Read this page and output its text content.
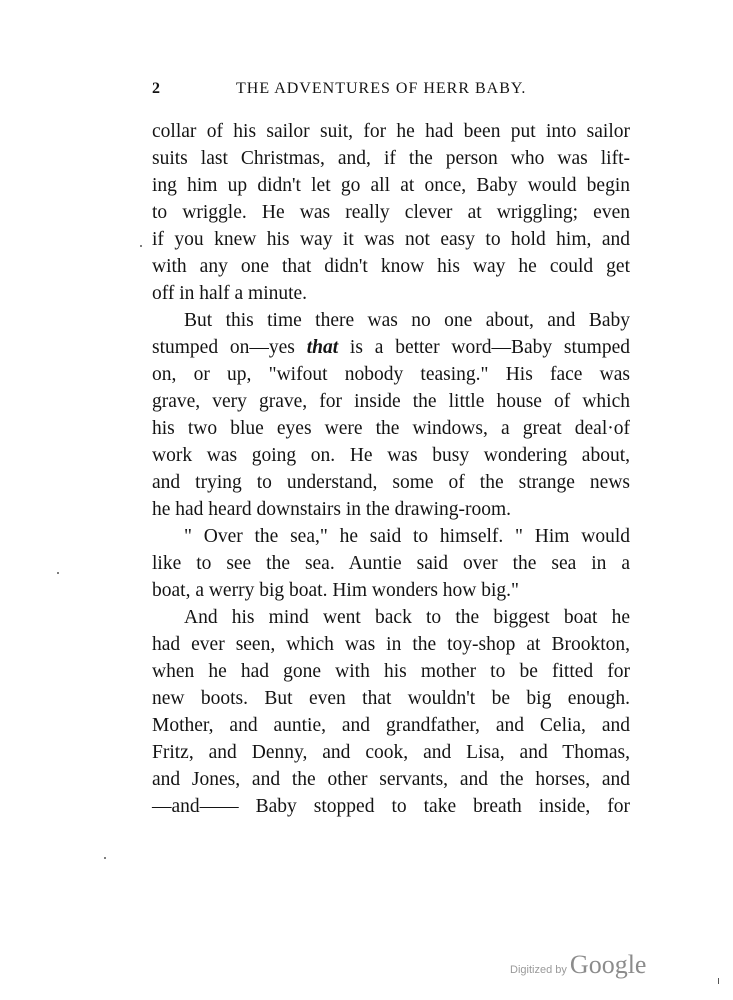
2	THE ADVENTURES OF HERR BABY.
collar of his sailor suit, for he had been put into sailor
suits last Christmas, and, if the person who was lift-
ing him up didn't let go all at once, Baby would begin
to wriggle. He was really clever at wriggling; even
if you knew his way it was not easy to hold him, and
with any one that didn't know his way he could get
off in half a minute.
But this time there was no one about, and Baby
stumped on—yes that is a better word—Baby stumped
on, or up, "wifout nobody teasing." His face was
grave, very grave, for inside the little house of which
his two blue eyes were the windows, a great deal·of
work was going on. He was busy wondering about,
and trying to understand, some of the strange news
he had heard downstairs in the drawing-room.
" Over the sea," he said to himself. " Him would
like to see the sea. Auntie said over the sea in a
boat, a werry big boat. Him wonders how big."
And his mind went back to the biggest boat he
had ever seen, which was in the toy-shop at Brookton,
when he had gone with his mother to be fitted for
new boots. But even that wouldn't be big enough.
Mother, and auntie, and grandfather, and Celia, and
Fritz, and Denny, and cook, and Lisa, and Thomas,
and Jones, and the other servants, and the horses, and
—and—— Baby stopped to take breath inside, for
Digitized by Google
